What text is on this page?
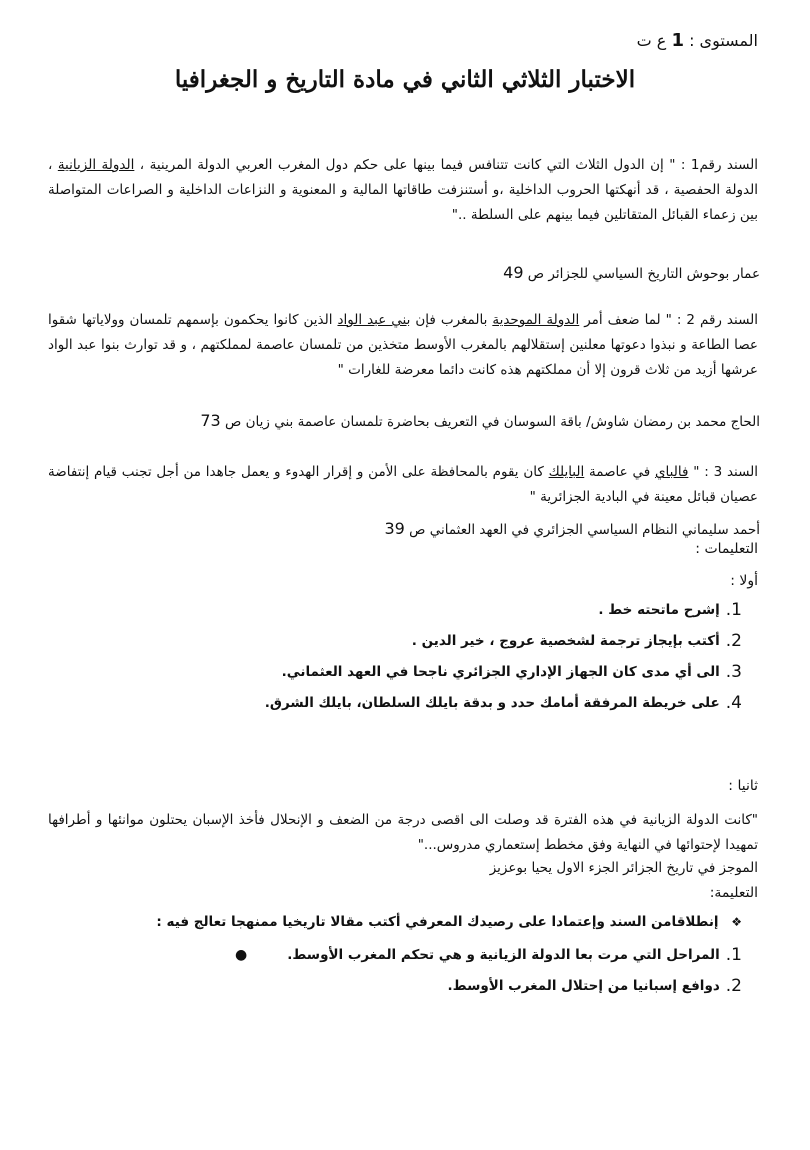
المستوى : 1 ع ت
الاختبار الثلاثي الثاني في مادة التاريخ و الجغرافيا
السند رقم1 : " إن الدول الثلاث التي كانت تتنافس فيما بينها على حكم دول المغرب العربي الدولة المرينية ، الدولة الزيانية ، الدولة الحفصية ، قد أنهكتها الحروب الداخلية ،و أستنزفت طاقاتها المالية و المعنوية و النزاعات الداخلية و الصراعات المتواصلة بين زعماء القبائل المتقاتلين فيما بينهم على السلطة .."
عمار بوحوش التاريخ السياسي للجزائر ص 49
السند رقم 2 : " لما ضعف أمر الدولة الموحدية بالمغرب فإن بني عبد الواد الذين كانوا يحكمون بإسمهم تلمسان وولاياتها شقوا عصا الطاعة و نبذوا دعوتها معلنين إستقلالهم بالمغرب الأوسط متخذين من تلمسان عاصمة لمملكتهم ، و قد توارث بنوا عبد الواد عرشها أزيد من ثلاث قرون إلا أن مملكتهم هذه كانت دائما معرضة للغارات "
الحاج محمد بن رمضان شاوش/ باقة السوسان في التعريف بحاضرة تلمسان عاصمة بني زيان ص 73
السند 3 : " فالباي في عاصمة البايلك كان يقوم بالمحافظة على الأمن و إقرار الهدوء و يعمل جاهدا من أجل تجنب قيام إنتفاضة عصيان قبائل معينة في البادية الجزائرية "
أحمد سليماني النظام السياسي الجزائري في العهد العثماني ص 39
التعليمات :
أولا :
1.
إشرح ماتحته خط .
2.
أكتب بإيجاز ترجمة لشخصية عروج ، خير الدين .
3.
الى أي مدى كان الجهاز الإداري الجزائري ناجحا في العهد العثماني.
4.
على خريطة المرفقة أمامك حدد و بدقة بايلك السلطان، بايلك الشرق.
ثانيا :
"كانت الدولة الزيانية في هذه الفترة قد وصلت الى اقصى درجة من الضعف و الإنحلال فأخذ الإسبان يحتلون موانئها و أطرافها تمهيدا لإحتوائها في النهاية وفق مخطط إستعماري مدروس..."
الموجز في تاريخ الجزائر الجزء الاول يحيا بوعزيز
التعليمة:
❖ إنطلاقامن السند وإعتمادا على رصيدك المعرفي أكتب مقالا تاريخيا ممنهجا تعالج فيه :
1.
المراحل التي مرت بعا الدولة الزيانية و هي تحكم المغرب الأوسط.
●
2.
دوافع إسبانيا من إحتلال المغرب الأوسط.
